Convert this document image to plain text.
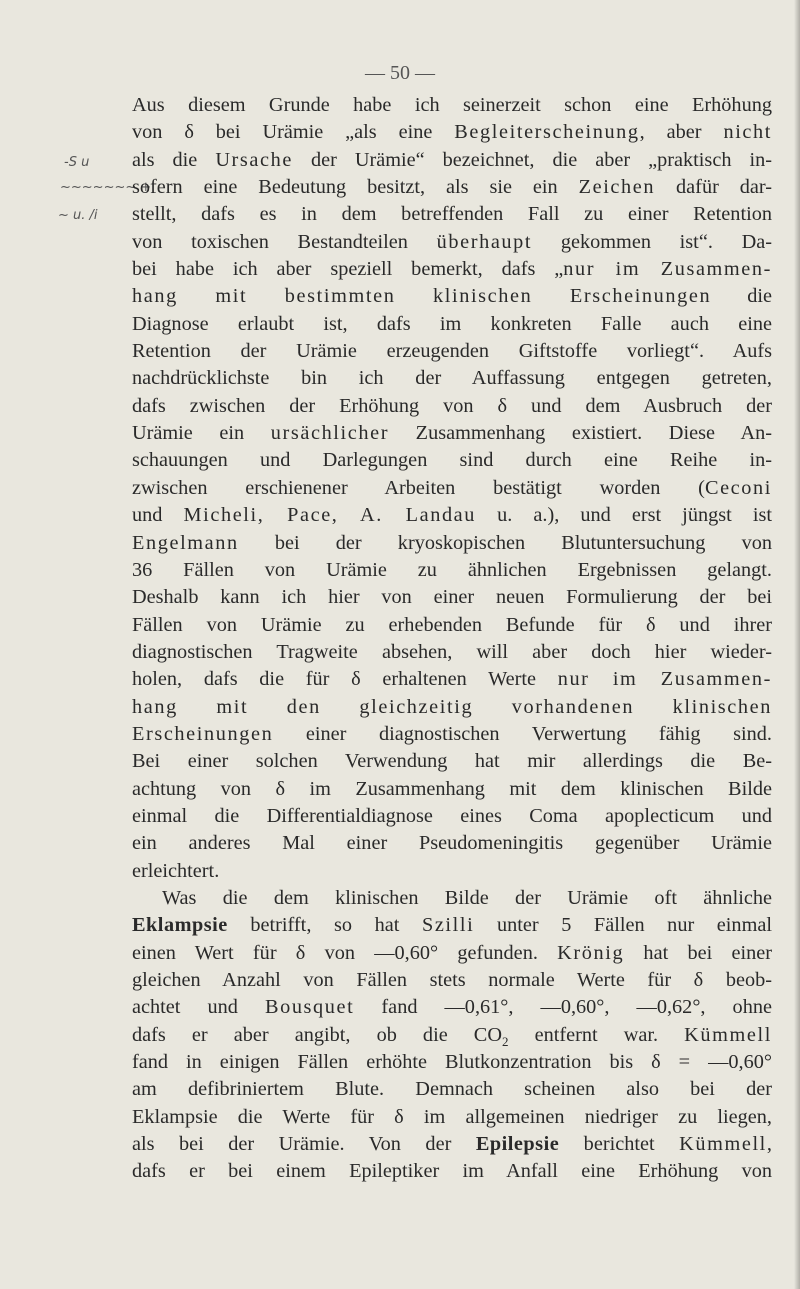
— 50 —
-S u
~~~~~~~ +
~ u. /i
Aus diesem Grunde habe ich seinerzeit schon eine Erhöhung
von δ bei Urämie „als eine Begleiterscheinung, aber nicht
als die Ursache der Urämie“ bezeichnet, die aber „praktisch in-
sofern eine Bedeutung besitzt, als sie ein Zeichen dafür dar-
stellt, dafs es in dem betreffenden Fall zu einer Retention
von toxischen Bestandteilen überhaupt gekommen ist“. Da-
bei habe ich aber speziell bemerkt, dafs „nur im Zusammen-
hang mit bestimmten klinischen Erscheinungen die
Diagnose erlaubt ist, dafs im konkreten Falle auch eine
Retention der Urämie erzeugenden Giftstoffe vorliegt“. Aufs
nachdrücklichste bin ich der Auffassung entgegen getreten,
dafs zwischen der Erhöhung von δ und dem Ausbruch der
Urämie ein ursächlicher Zusammenhang existiert. Diese An-
schauungen und Darlegungen sind durch eine Reihe in-
zwischen erschienener Arbeiten bestätigt worden (Ceconi
und Micheli, Pace, A. Landau u. a.), und erst jüngst ist
Engelmann bei der kryoskopischen Blutuntersuchung von
36 Fällen von Urämie zu ähnlichen Ergebnissen gelangt.
Deshalb kann ich hier von einer neuen Formulierung der bei
Fällen von Urämie zu erhebenden Befunde für δ und ihrer
diagnostischen Tragweite absehen, will aber doch hier wieder-
holen, dafs die für δ erhaltenen Werte nur im Zusammen-
hang mit den gleichzeitig vorhandenen klinischen
Erscheinungen einer diagnostischen Verwertung fähig sind.
Bei einer solchen Verwendung hat mir allerdings die Be-
achtung von δ im Zusammenhang mit dem klinischen Bilde
einmal die Differentialdiagnose eines Coma apoplecticum und
ein anderes Mal einer Pseudomeningitis gegenüber Urämie
erleichtert.
Was die dem klinischen Bilde der Urämie oft ähnliche
Eklampsie betrifft, so hat Szilli unter 5 Fällen nur einmal
einen Wert für δ von —0,60° gefunden. Krönig hat bei einer
gleichen Anzahl von Fällen stets normale Werte für δ beob-
achtet und Bousquet fand —0,61°, —0,60°, —0,62°, ohne
dafs er aber angibt, ob die $CO_2$ entfernt war. Kümmell
fand in einigen Fällen erhöhte Blutkonzentration bis δ = —0,60°
am defibriniertem Blute. Demnach scheinen also bei der
Eklampsie die Werte für δ im allgemeinen niedriger zu liegen,
als bei der Urämie. Von der Epilepsie berichtet Kümmell,
dafs er bei einem Epileptiker im Anfall eine Erhöhung von
